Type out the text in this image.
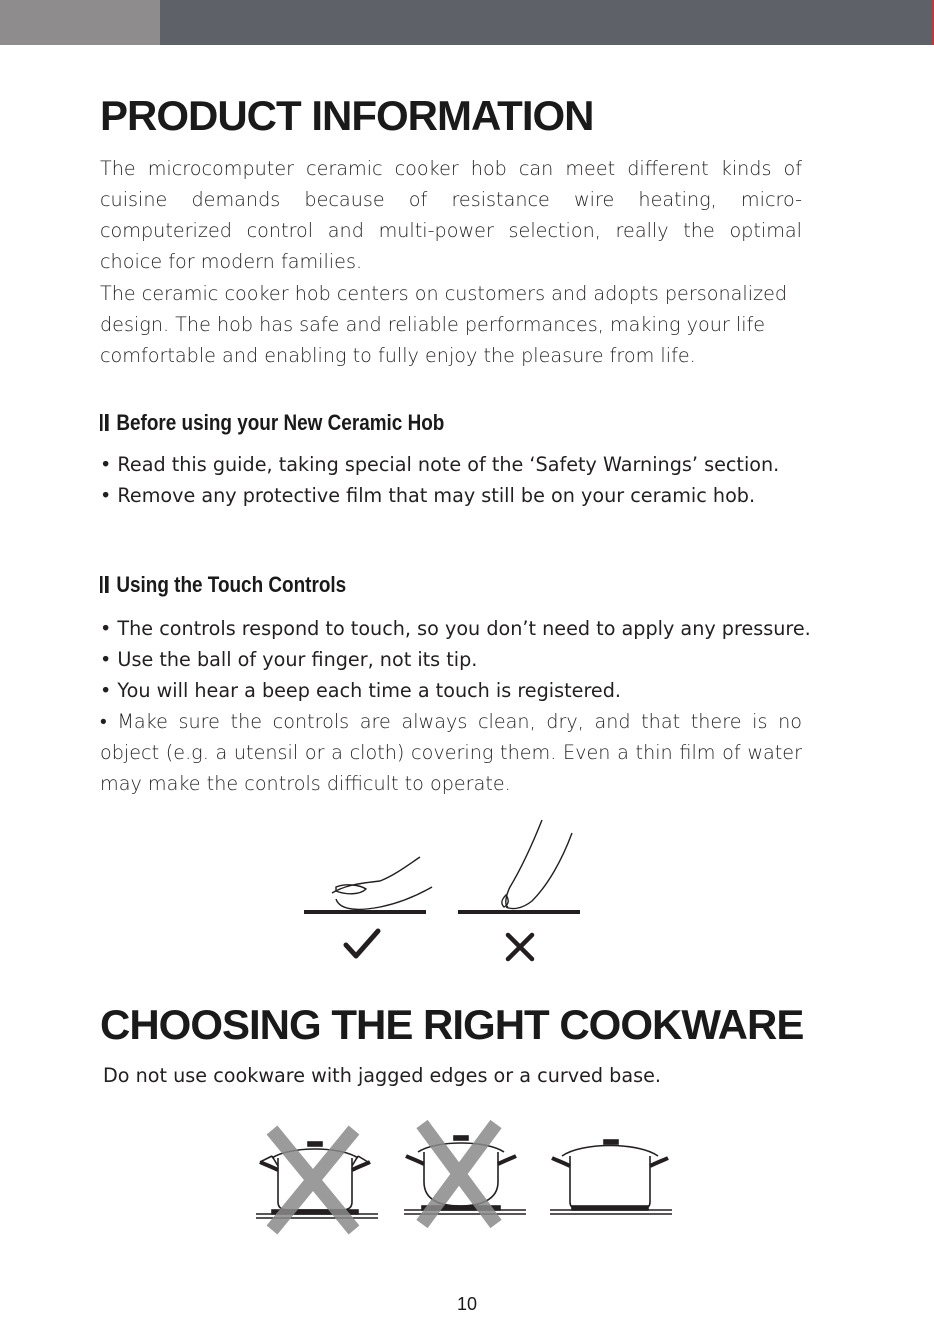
PRODUCT INFORMATION

The microcomputer ceramic cooker hob can meet different kinds of cuisine demands because of resistance wire heating, micro-computerized control and multi-power selection, really the optimal choice for modern families.

The ceramic cooker hob centers on customers and adopts personalized design. The hob has safe and reliable performances, making your life comfortable and enabling to fully enjoy the pleasure from life.

Before using your New Ceramic Hob

• Read this guide, taking special note of the ‘Safety Warnings’ section.

• Remove any protective film that may still be on your ceramic hob.

Using the Touch Controls

• The controls respond to touch, so you don’t need to apply any pressure.

• Use the ball of your finger, not its tip.

• You will hear a beep each time a touch is registered.

• Make sure the controls are always clean, dry, and that there is no object (e.g. a utensil or a cloth) covering them. Even a thin film of water may make the controls difficult to operate.

CHOOSING THE RIGHT COOKWARE

Do not use cookware with jagged edges or a curved base.

10
